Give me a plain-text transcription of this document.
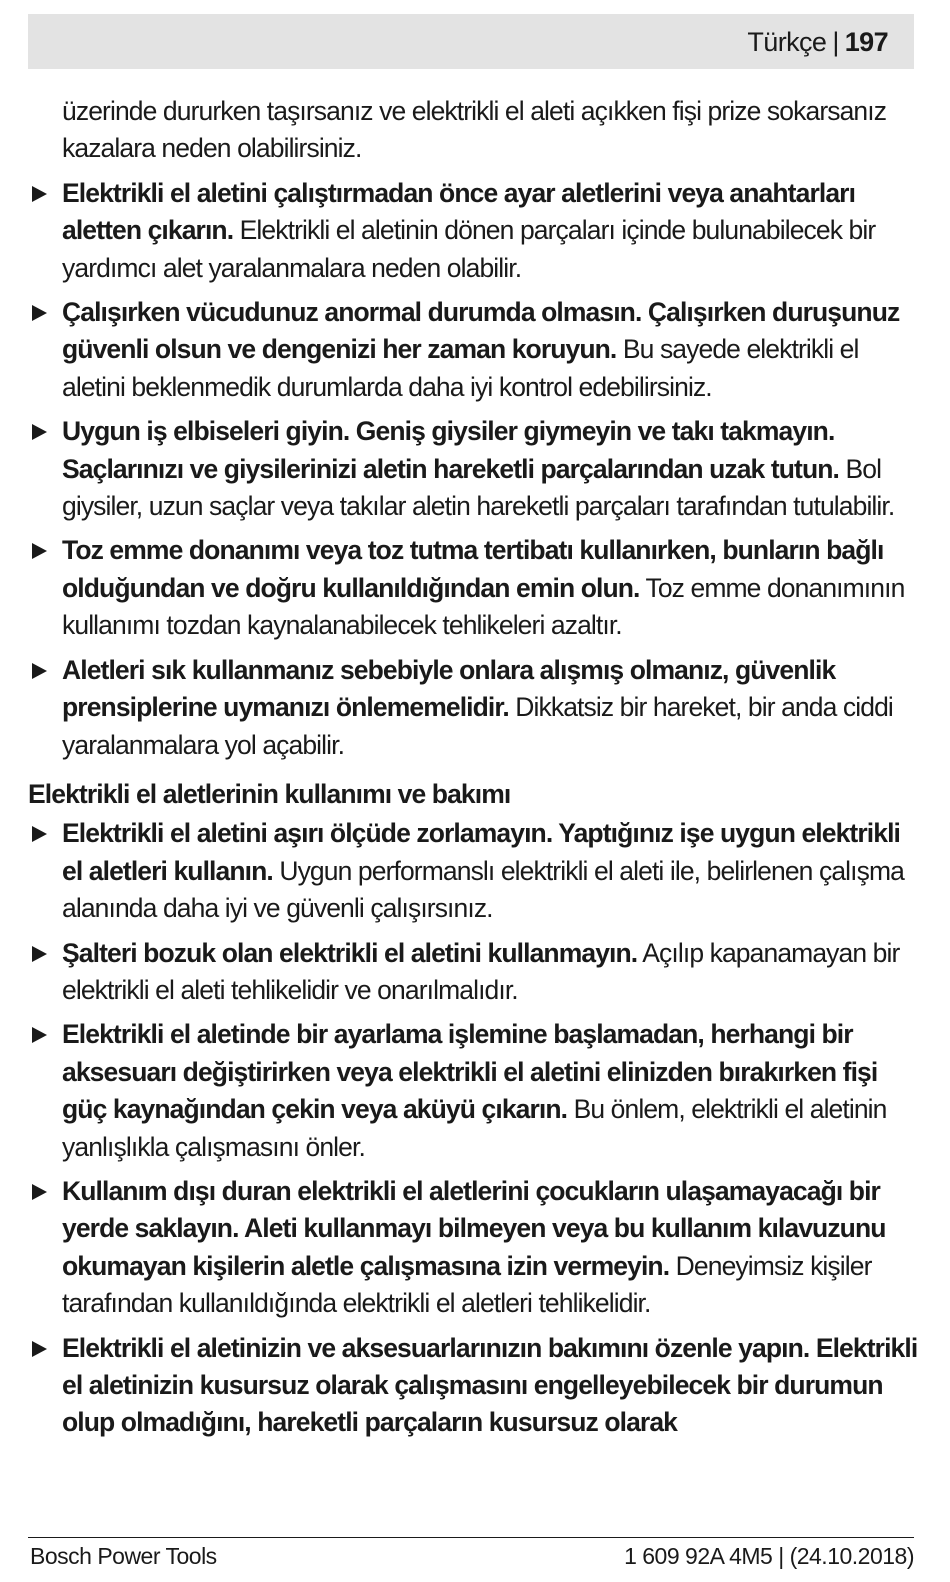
Türkçe | 197
üzerinde dururken taşırsanız ve elektrikli el aleti açıkken fişi prize sokarsanız kazalara neden olabilirsiniz.
Elektrikli el aletini çalıştırmadan önce ayar aletlerini veya anahtarları aletten çıkarın. Elektrikli el aletinin dönen parçaları içinde bulunabilecek bir yardımcı alet yaralanmalara neden olabilir.
Çalışırken vücudunuz anormal durumda olmasın. Çalışırken duruşunuz güvenli olsun ve dengenizi her zaman koruyun. Bu sayede elektrikli el aletini beklenmedik durumlarda daha iyi kontrol edebilirsiniz.
Uygun iş elbiseleri giyin. Geniş giysiler giymeyin ve takı takmayın. Saçlarınızı ve giysilerinizi aletin hareketli parçalarından uzak tutun. Bol giysiler, uzun saçlar veya takılar aletin hareketli parçaları tarafından tutulabilir.
Toz emme donanımı veya toz tutma tertibatı kullanırken, bunların bağlı olduğundan ve doğru kullanıldığından emin olun. Toz emme donanımının kullanımı tozdan kaynalanabilecek tehlikeleri azaltır.
Aletleri sık kullanmanız sebebiyle onlara alışmış olmanız, güvenlik prensiplerine uymanızı önlememelidir. Dikkatsiz bir hareket, bir anda ciddi yaralanmalara yol açabilir.
Elektrikli el aletlerinin kullanımı ve bakımı
Elektrikli el aletini aşırı ölçüde zorlamayın. Yaptığınız işe uygun elektrikli el aletleri kullanın. Uygun performanslı elektrikli el aleti ile, belirlenen çalışma alanında daha iyi ve güvenli çalışırsınız.
Şalteri bozuk olan elektrikli el aletini kullanmayın. Açılıp kapanamayan bir elektrikli el aleti tehlikelidir ve onarılmalıdır.
Elektrikli el aletinde bir ayarlama işlemine başlamadan, herhangi bir aksesuarı değiştirirken veya elektrikli el aletini elinizden bırakırken fişi güç kaynağından çekin veya aküyü çıkarın. Bu önlem, elektrikli el aletinin yanlışlıkla çalışmasını önler.
Kullanım dışı duran elektrikli el aletlerini çocukların ulaşamayacağı bir yerde saklayın. Aleti kullanmayı bilmeyen veya bu kullanım kılavuzunu okumayan kişilerin aletle çalışmasına izin vermeyin. Deneyimsiz kişiler tarafından kullanıldığında elektrikli el aletleri tehlikelidir.
Elektrikli el aletinizin ve aksesuarlarınızın bakımını özenle yapın. Elektrikli el aletinizin kusursuz olarak çalışmasını engelleyebilecek bir durumun olup olmadığını, hareketli parçaların kusursuz olarak
Bosch Power Tools	1 609 92A 4M5 | (24.10.2018)
